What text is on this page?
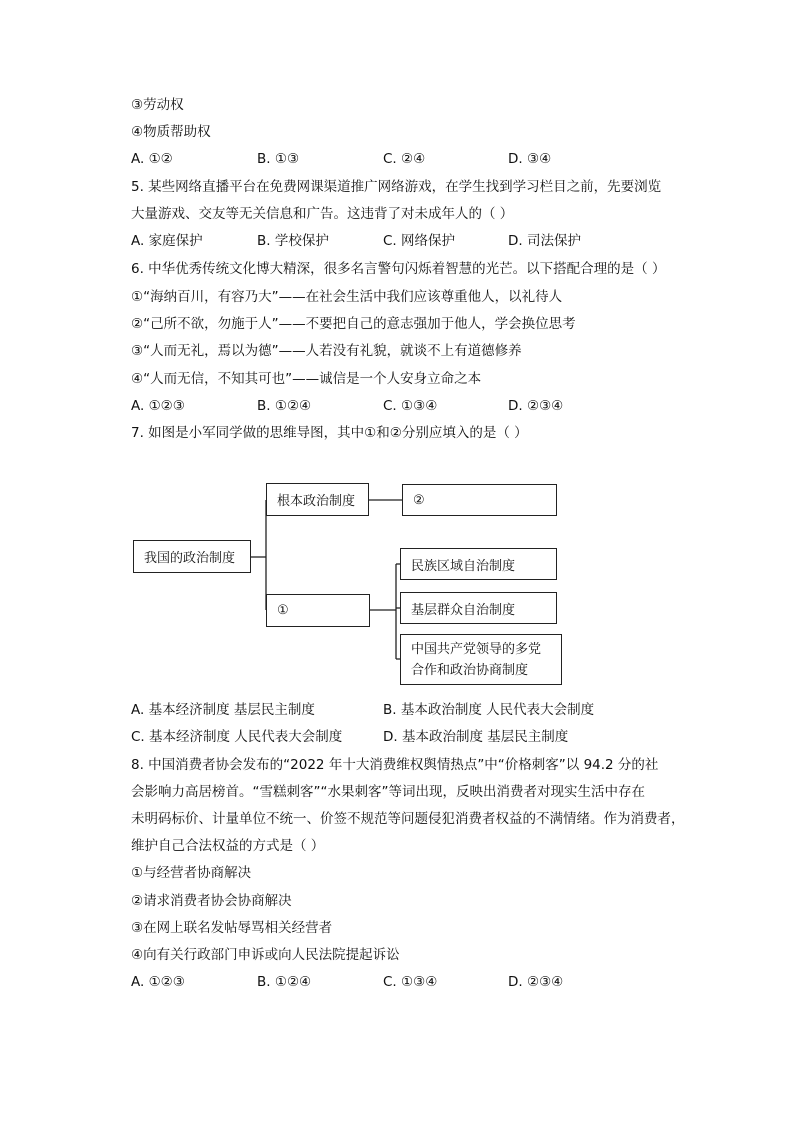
③劳动权
④物质帮助权
A. ①②	B. ①③	C. ②④	D. ③④
5. 某些网络直播平台在免费网课渠道推广网络游戏，在学生找到学习栏目之前，先要浏览
大量游戏、交友等无关信息和广告。这违背了对未成年人的（ ）
A. 家庭保护	B. 学校保护	C. 网络保护	D. 司法保护
6. 中华优秀传统文化博大精深，很多名言警句闪烁着智慧的光芒。以下搭配合理的是（ ）
①“海纳百川，有容乃大”——在社会生活中我们应该尊重他人，以礼待人
②“己所不欲，勿施于人”——不要把自己的意志强加于他人，学会换位思考
③“人而无礼，焉以为德”——人若没有礼貌，就谈不上有道德修养
④“人而无信，不知其可也”——诚信是一个人安身立命之本
A. ①②③	B. ①②④	C. ①③④	D. ②③④
7. 如图是小军同学做的思维导图，其中①和②分别应填入的是（ ）
我国的政治制度
根本政治制度	②
①
民族区域自治制度
基层群众自治制度
中国共产党领导的多党
合作和政治协商制度
A. 基本经济制度 基层民主制度	B. 基本政治制度 人民代表大会制度
C. 基本经济制度 人民代表大会制度	D. 基本政治制度 基层民主制度
8. 中国消费者协会发布的“2022 年十大消费维权舆情热点”中“价格刺客”以 94.2 分的社
会影响力高居榜首。“雪糕刺客”“水果刺客”等词出现，反映出消费者对现实生活中存在
未明码标价、计量单位不统一、价签不规范等问题侵犯消费者权益的不满情绪。作为消费者，
维护自己合法权益的方式是（ ）
①与经营者协商解决
②请求消费者协会协商解决
③在网上联名发帖辱骂相关经营者
④向有关行政部门申诉或向人民法院提起诉讼
A. ①②③	B. ①②④	C. ①③④	D. ②③④
